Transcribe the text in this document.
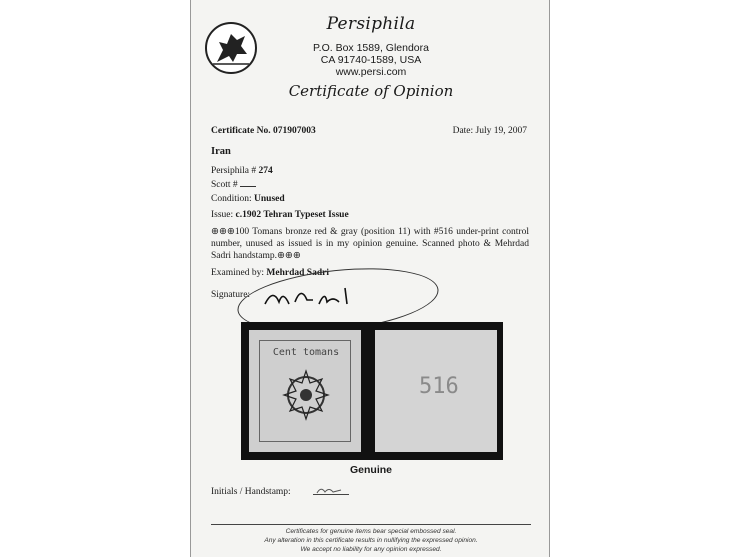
Persiphila
P.O. Box 1589, Glendora
CA 91740-1589, USA
www.persi.com
Certificate of Opinion
Certificate No. 071907003	Date: July 19, 2007
Iran
Persiphila # 274
Scott #
Condition: Unused
Issue: c.1902 Tehran Typeset Issue
⊕⊕⊕100 Tomans bronze red & gray (position 11) with #516 under-print control number, unused as issued is in my opinion genuine. Scanned photo & Mehrdad Sadri handstamp.⊕⊕⊕
Examined by: Mehrdad Sadri
Signature:
Cent tomans
516
Genuine
Initials / Handstamp:
Certificates for genuine items bear special embossed seal.
Any alteration in this certificate results in nullifying the expressed opinion.
We accept no liability for any opinion expressed.
